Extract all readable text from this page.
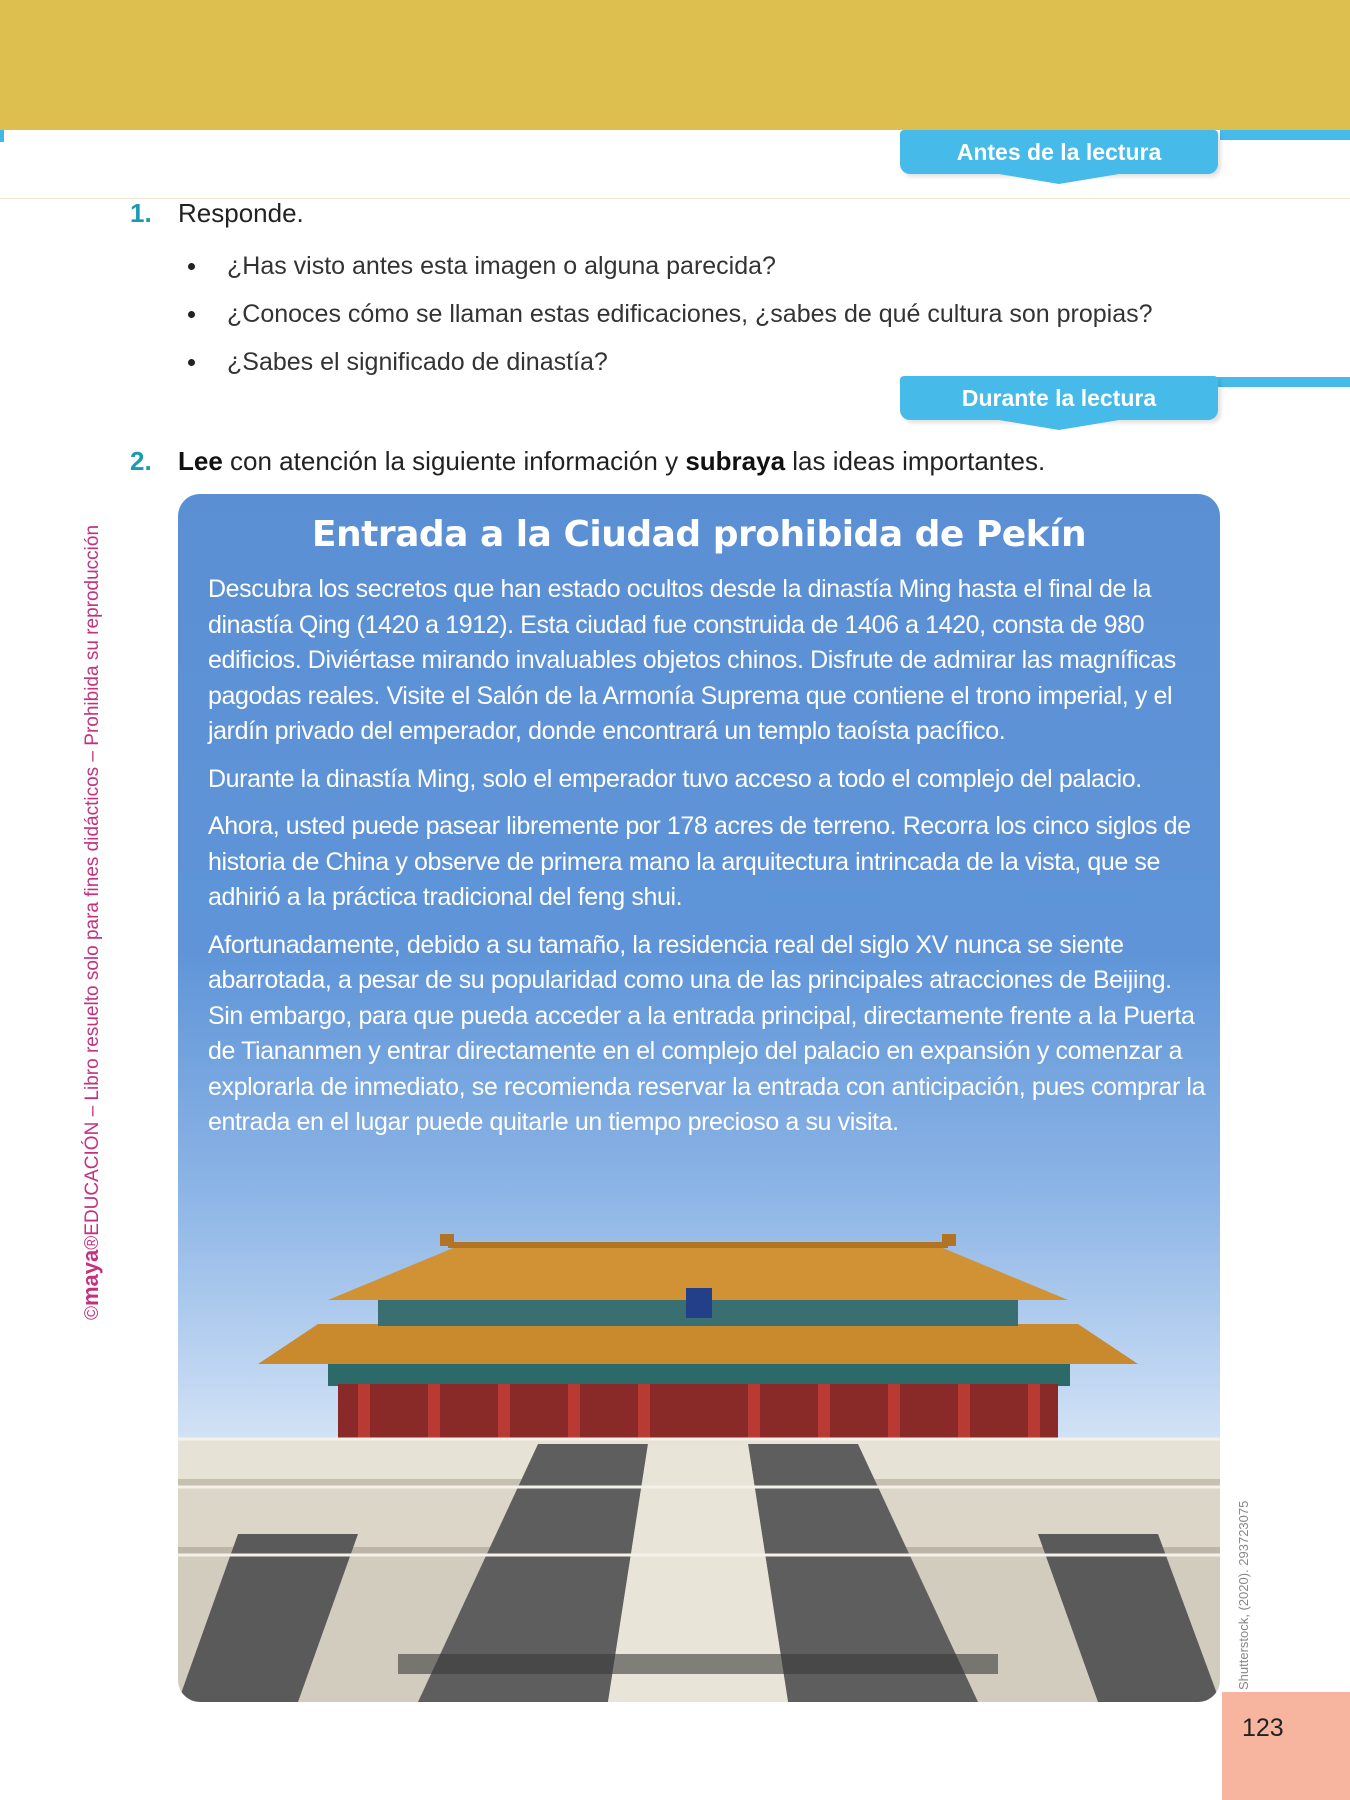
Antes de la lectura
1.	Responde.
¿Has visto antes esta imagen o alguna parecida?
¿Conoces cómo se llaman estas edificaciones, ¿sabes de qué cultura son propias?
¿Sabes el significado de dinastía?
Durante la lectura
2.	Lee con atención la siguiente información y subraya las ideas importantes.
Entrada a la Ciudad prohibida de Pekín

Descubra los secretos que han estado ocultos desde la dinastía Ming hasta el final de la dinastía Qing (1420 a 1912). Esta ciudad fue construida de 1406 a 1420, consta de 980 edificios. Diviértase mirando invaluables objetos chinos. Disfrute de admirar las magníficas pagodas reales. Visite el Salón de la Armonía Suprema que contiene el trono imperial, y el jardín privado del emperador, donde encontrará un templo taoísta pacífico.

Durante la dinastía Ming, solo el emperador tuvo acceso a todo el complejo del palacio.

Ahora, usted puede pasear libremente por 178 acres de terreno. Recorra los cinco siglos de historia de China y observe de primera mano la arquitectura intrincada de la vista, que se adhirió a la práctica tradicional del feng shui.

Afortunadamente, debido a su tamaño, la residencia real del siglo XV nunca se siente abarrotada, a pesar de su popularidad como una de las principales atracciones de Beijing. Sin embargo, para que pueda acceder a la entrada principal, directamente frente a la Puerta de Tiananmen y entrar directamente en el complejo del palacio en expansión y comenzar a explorarla de inmediato, se recomienda reservar la entrada con anticipación, pues comprar la entrada en el lugar puede quitarle un tiempo precioso a su visita.

©maya®EDUCACIÓN – Libro resuelto solo para fines didácticos – Prohibida su reproducción
Shutterstock, (2020). 293723075
123
